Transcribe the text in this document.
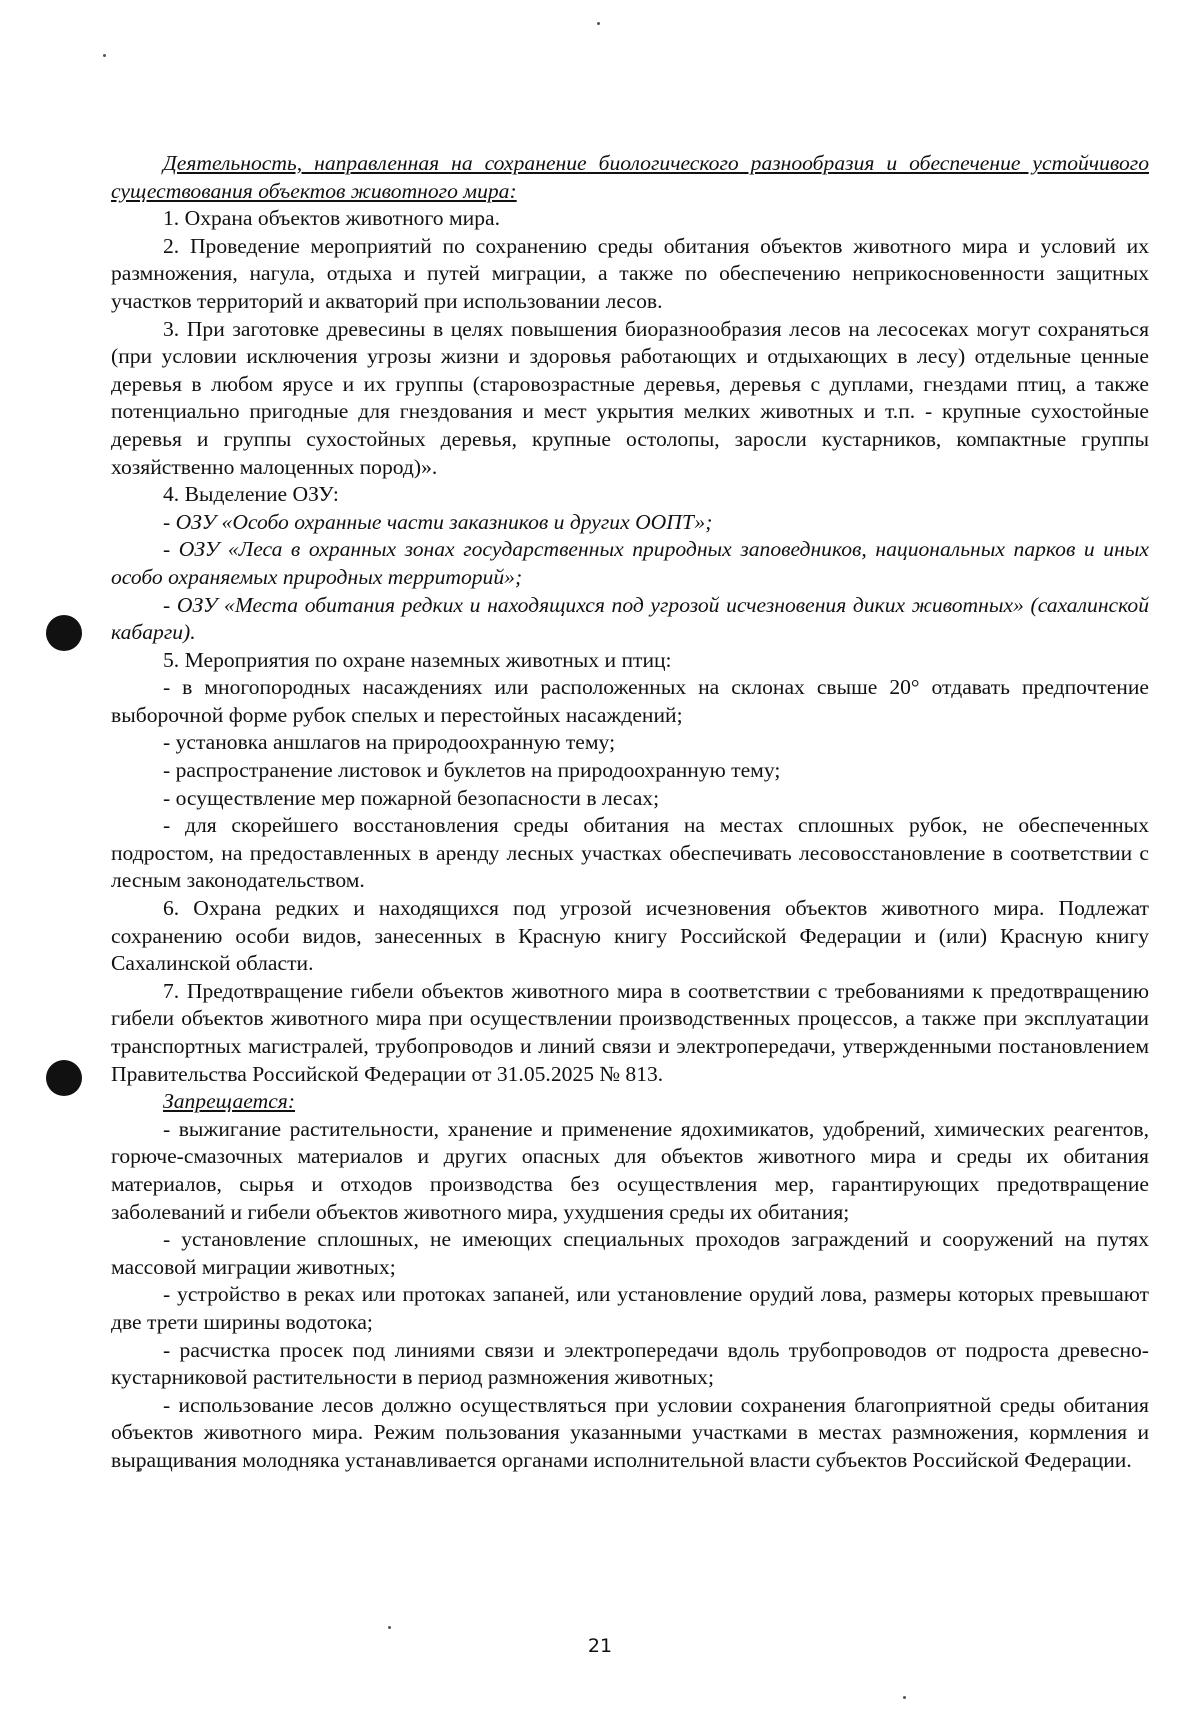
Деятельность, направленная на сохранение биологического разнообразия и обеспечение устойчивого существования объектов животного мира:

1. Охрана объектов животного мира.

2. Проведение мероприятий по сохранению среды обитания объектов животного мира и условий их размножения, нагула, отдыха и путей миграции, а также по обеспечению неприкосновенности защитных участков территорий и акваторий при использовании лесов.

3. При заготовке древесины в целях повышения биоразнообразия лесов на лесосеках могут сохраняться (при условии исключения угрозы жизни и здоровья работающих и отдыхающих в лесу) отдельные ценные деревья в любом ярусе и их группы (старовозрастные деревья, деревья с дуплами, гнездами птиц, а также потенциально пригодные для гнездования и мест укрытия мелких животных и т.п. - крупные сухостойные деревья и группы сухостойных деревья, крупные остолопы, заросли кустарников, компактные группы хозяйственно малоценных пород)».

4. Выделение ОЗУ:

- ОЗУ «Особо охранные части заказников и других ООПТ»;

- ОЗУ «Леса в охранных зонах государственных природных заповедников, национальных парков и иных особо охраняемых природных территорий»;

- ОЗУ «Места обитания редких и находящихся под угрозой исчезновения диких животных» (сахалинской кабарги).

5. Мероприятия по охране наземных животных и птиц:

- в многопородных насаждениях или расположенных на склонах свыше 20° отдавать предпочтение выборочной форме рубок спелых и перестойных насаждений;

- установка аншлагов на природоохранную тему;

- распространение листовок и буклетов на природоохранную тему;

- осуществление мер пожарной безопасности в лесах;

- для скорейшего восстановления среды обитания на местах сплошных рубок, не обеспеченных подростом, на предоставленных в аренду лесных участках обеспечивать лесовосстановление в соответствии с лесным законодательством.

6. Охрана редких и находящихся под угрозой исчезновения объектов животного мира. Подлежат сохранению особи видов, занесенных в Красную книгу Российской Федерации и (или) Красную книгу Сахалинской области.

7. Предотвращение гибели объектов животного мира в соответствии с требованиями к предотвращению гибели объектов животного мира при осуществлении производственных процессов, а также при эксплуатации транспортных магистралей, трубопроводов и линий связи и электропередачи, утвержденными постановлением Правительства Российской Федерации от 31.05.2025 № 813.

Запрещается:

- выжигание растительности, хранение и применение ядохимикатов, удобрений, химических реагентов, горюче-смазочных материалов и других опасных для объектов животного мира и среды их обитания материалов, сырья и отходов производства без осуществления мер, гарантирующих предотвращение заболеваний и гибели объектов животного мира, ухудшения среды их обитания;

- установление сплошных, не имеющих специальных проходов заграждений и сооружений на путях массовой миграции животных;

- устройство в реках или протоках запаней, или установление орудий лова, размеры которых превышают две трети ширины водотока;

- расчистка просек под линиями связи и электропередачи вдоль трубопроводов от подроста древесно-кустарниковой растительности в период размножения животных;

- использование лесов должно осуществляться при условии сохранения благоприятной среды обитания объектов животного мира. Режим пользования указанными участками в местах размножения, кормления и выращивания молодняка устанавливается органами исполнительной власти субъектов Российской Федерации.

21
